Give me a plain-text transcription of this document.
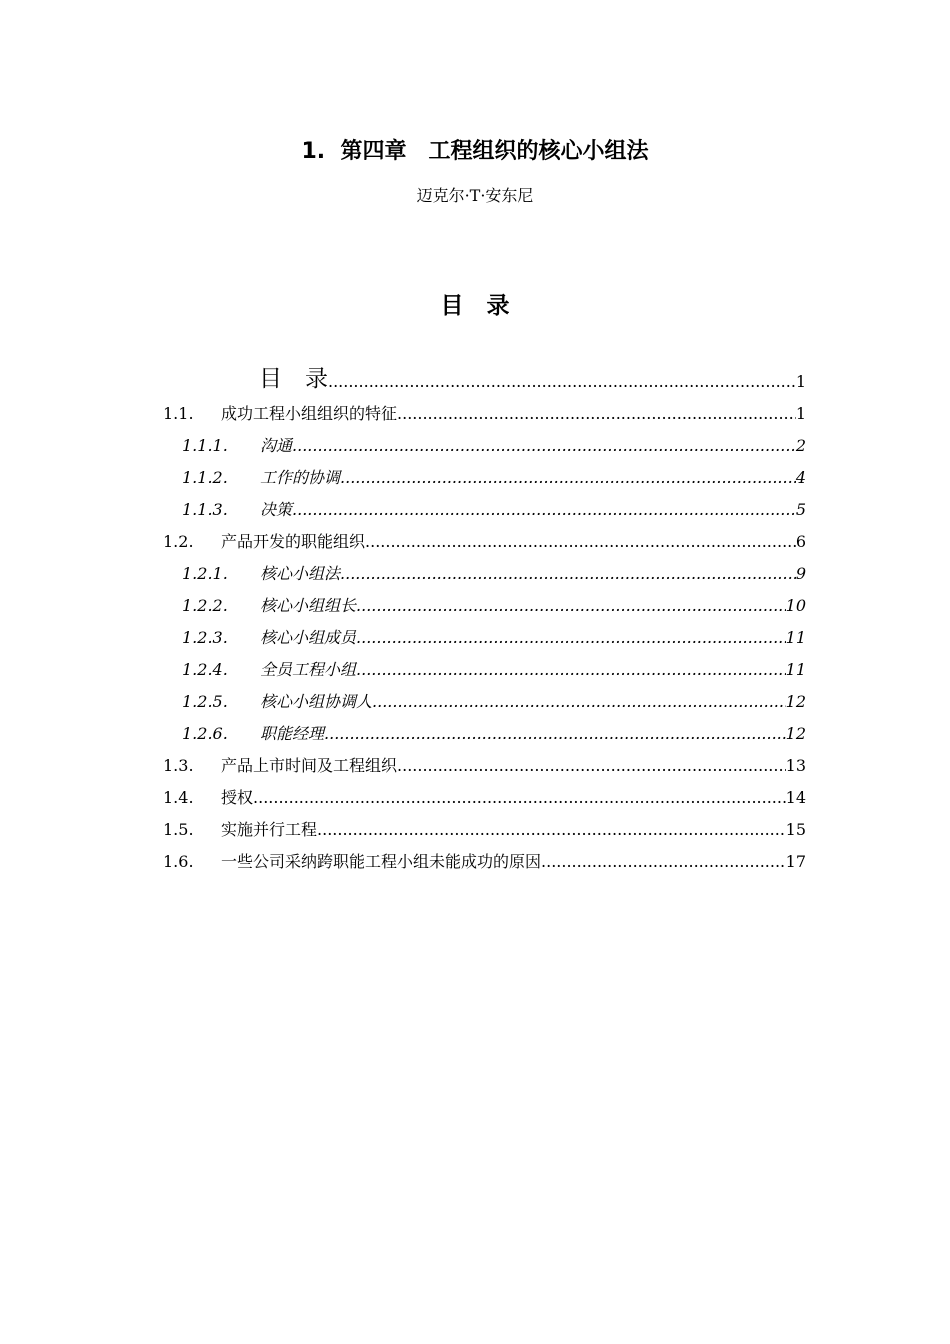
1.  第四章　工程组织的核心小组法
迈克尔·T·安东尼
目　录
目　录 .....	1
1.1.	成功工程小组组织的特征 .....	1
1.1.1.	沟通 .....	2
1.1.2.	工作的协调 .....	4
1.1.3.	决策 .....	5
1.2.	产品开发的职能组织 .....	6
1.2.1.	核心小组法 .....	9
1.2.2.	核心小组组长 .....	10
1.2.3.	核心小组成员 .....	11
1.2.4.	全员工程小组 .....	11
1.2.5.	核心小组协调人 .....	12
1.2.6.	职能经理 .....	12
1.3.	产品上市时间及工程组织 .....	13
1.4.	授权 .....	14
1.5.	实施并行工程 .....	15
1.6.	一些公司采纳跨职能工程小组未能成功的原因 .....	17
